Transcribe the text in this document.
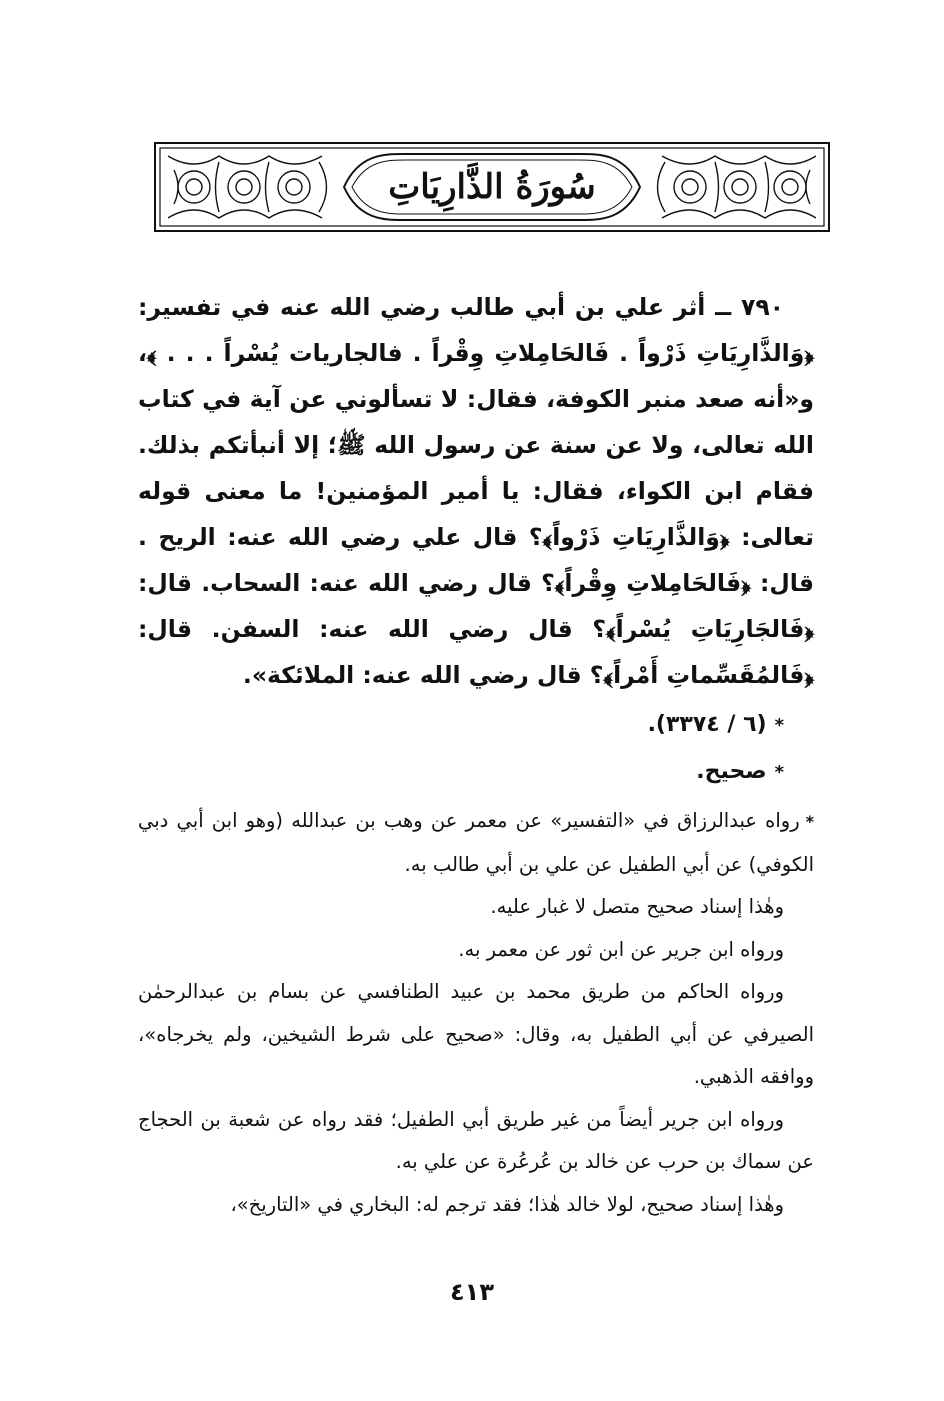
سُورَةُ الذَّارِيَاتِ

٧٩٠ ــ أثر علي بن أبي طالب رضي الله عنه في تفسير: ﴿وَالذَّارِيَاتِ ذَرْواً . فَالحَامِلاتِ وِقْراً . فالجاريات يُسْراً . . . ﴾، و«أنه صعد منبر الكوفة، فقال: لا تسألوني عن آية في كتاب الله تعالى، ولا عن سنة عن رسول الله ﷺ؛ إلا أنبأتكم بذلك. فقام ابن الكواء، فقال: يا أمير المؤمنين! ما معنى قوله تعالى: ﴿وَالذَّارِيَاتِ ذَرْواً﴾؟ قال علي رضي الله عنه: الريح . قال: ﴿فَالحَامِلاتِ وِقْراً﴾؟ قال رضي الله عنه: السحاب. قال: ﴿فَالجَارِيَاتِ يُسْراً﴾؟ قال رضي الله عنه: السفن. قال: ﴿فَالمُقَسِّماتِ أَمْراً﴾؟ قال رضي الله عنه: الملائكة».

*(٦ / ٣٣٧٤).

*صحيح.

*رواه عبدالرزاق في «التفسير» عن معمر عن وهب بن عبدالله (وهو ابن أبي دبي الكوفي) عن أبي الطفيل عن علي بن أبي طالب به.

وهٰذا إسناد صحيح متصل لا غبار عليه.

ورواه ابن جرير عن ابن ثور عن معمر به.

ورواه الحاكم من طريق محمد بن عبيد الطنافسي عن بسام بن عبدالرحمٰن الصيرفي عن أبي الطفيل به، وقال: «صحيح على شرط الشيخين، ولم يخرجاه»، ووافقه الذهبي.

ورواه ابن جرير أيضاً من غير طريق أبي الطفيل؛ فقد رواه عن شعبة بن الحجاج عن سماك بن حرب عن خالد بن عُرعُرة عن علي به.

وهٰذا إسناد صحيح، لولا خالد هٰذا؛ فقد ترجم له: البخاري في «التاريخ»،

٤١٣
